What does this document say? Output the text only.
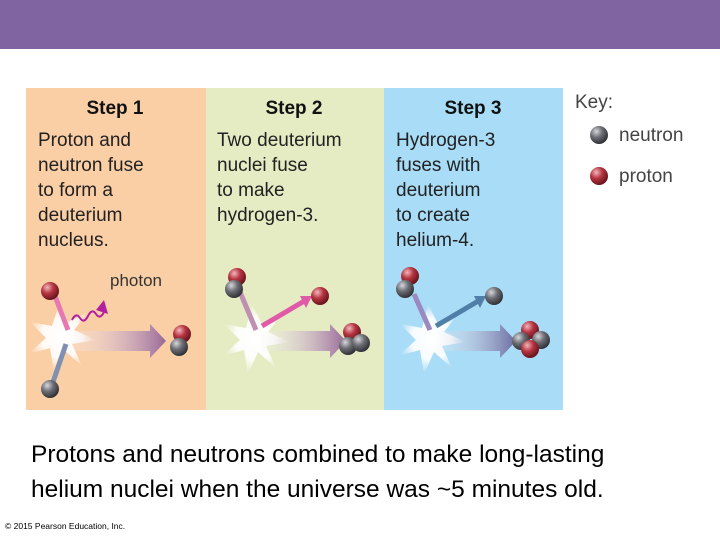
Step 1	Step 2	Step 3
Proton and
neutron fuse
to form a
deuterium
nucleus.
Two deuterium
nuclei fuse
to make
hydrogen-3.
Hydrogen-3
fuses with
deuterium
to create
helium-4.
photon
Key:
neutron
proton
Protons and neutrons combined to make long-lasting
helium nuclei when the universe was ~5 minutes old.
© 2015 Pearson Education, Inc.
